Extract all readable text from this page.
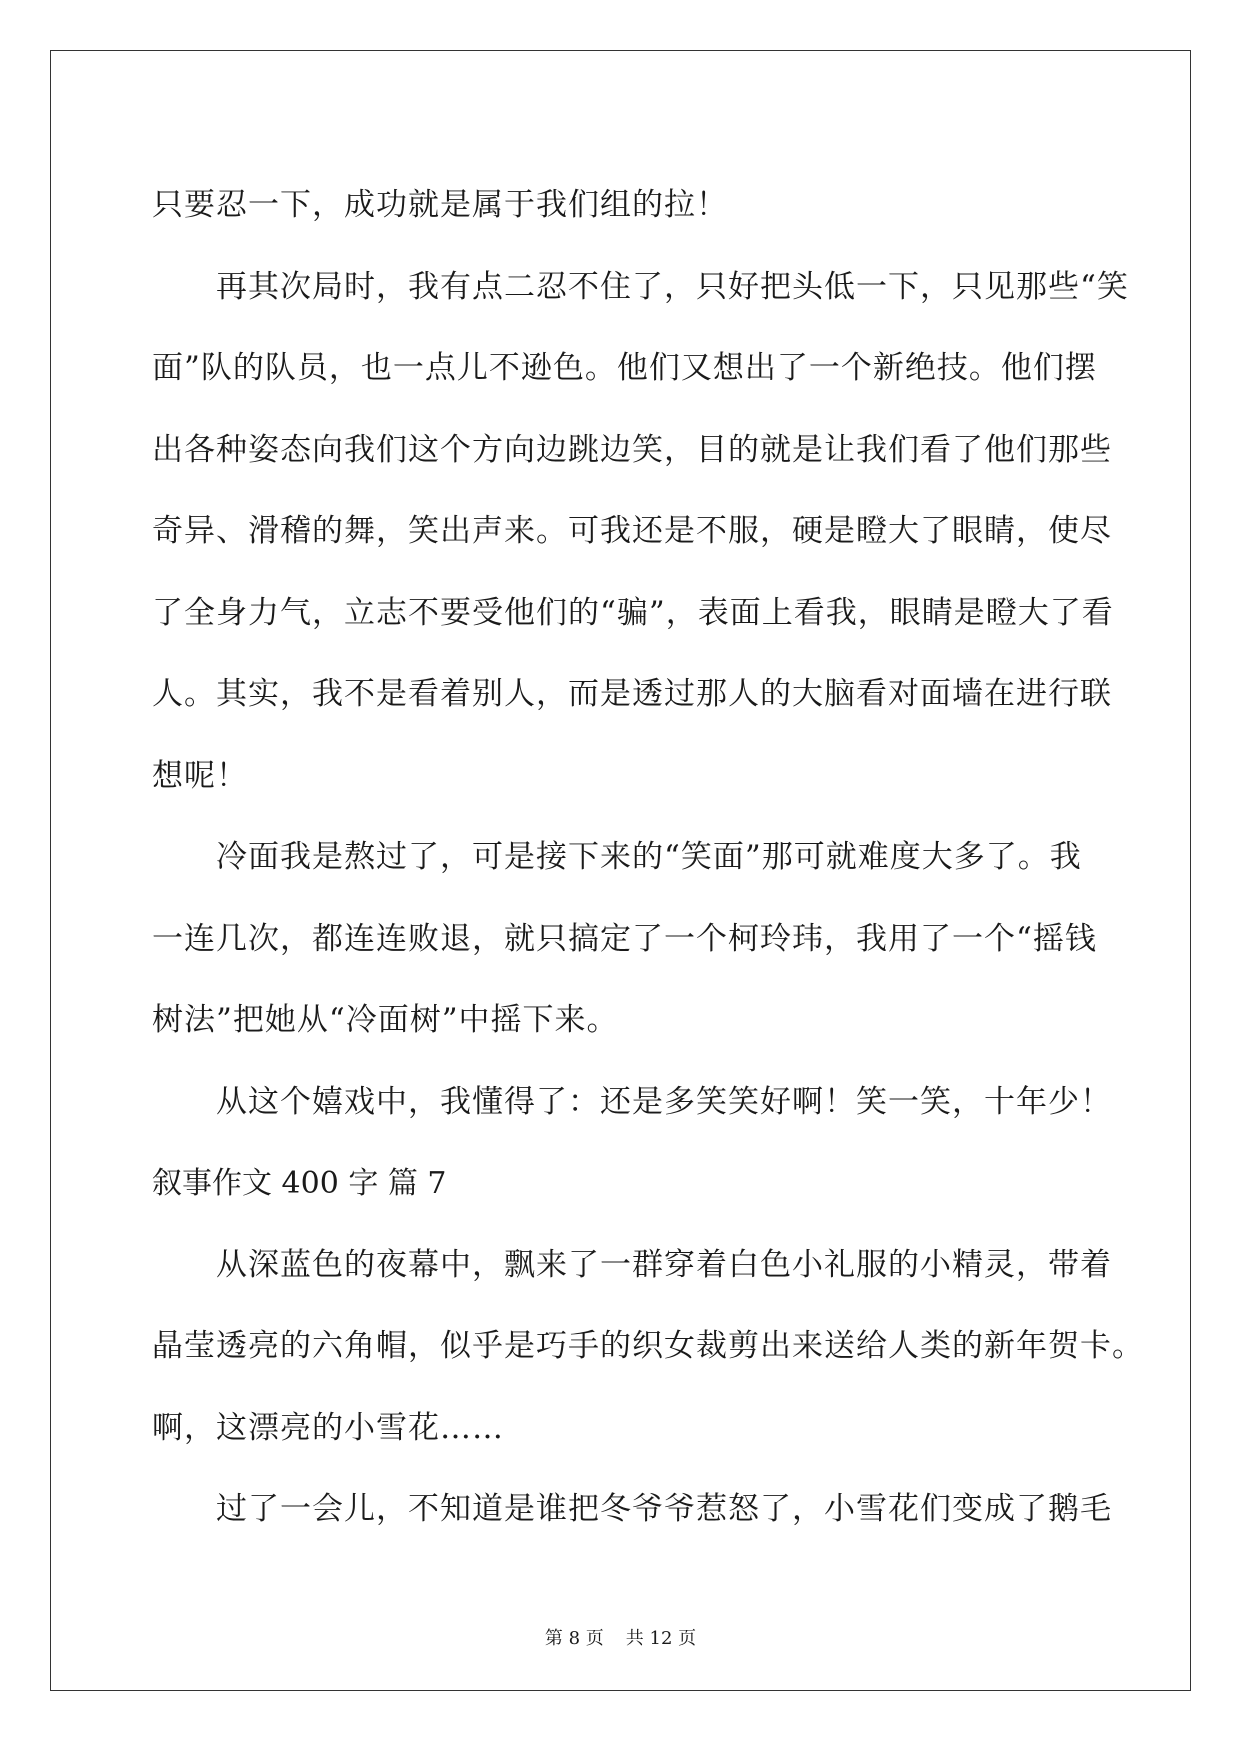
只要忍一下，成功就是属于我们组的拉！

再其次局时，我有点二忍不住了，只好把头低一下，只见那些“笑

面”队的队员，也一点儿不逊色。他们又想出了一个新绝技。他们摆

出各种姿态向我们这个方向边跳边笑，目的就是让我们看了他们那些

奇异、滑稽的舞，笑出声来。可我还是不服，硬是瞪大了眼睛，使尽

了全身力气，立志不要受他们的“骗”，表面上看我，眼睛是瞪大了看

人。其实，我不是看着别人，而是透过那人的大脑看对面墙在进行联

想呢！

冷面我是熬过了，可是接下来的“笑面”那可就难度大多了。我

一连几次，都连连败退，就只搞定了一个柯玲玮，我用了一个“摇钱

树法”把她从“冷面树”中摇下来。

从这个嬉戏中，我懂得了：还是多笑笑好啊！笑一笑，十年少！

叙事作文 400 字 篇 7

从深蓝色的夜幕中，飘来了一群穿着白色小礼服的小精灵，带着

晶莹透亮的六角帽，似乎是巧手的织女裁剪出来送给人类的新年贺卡。

啊，这漂亮的小雪花……

过了一会儿，不知道是谁把冬爷爷惹怒了，小雪花们变成了鹅毛

第 8 页 共 12 页
